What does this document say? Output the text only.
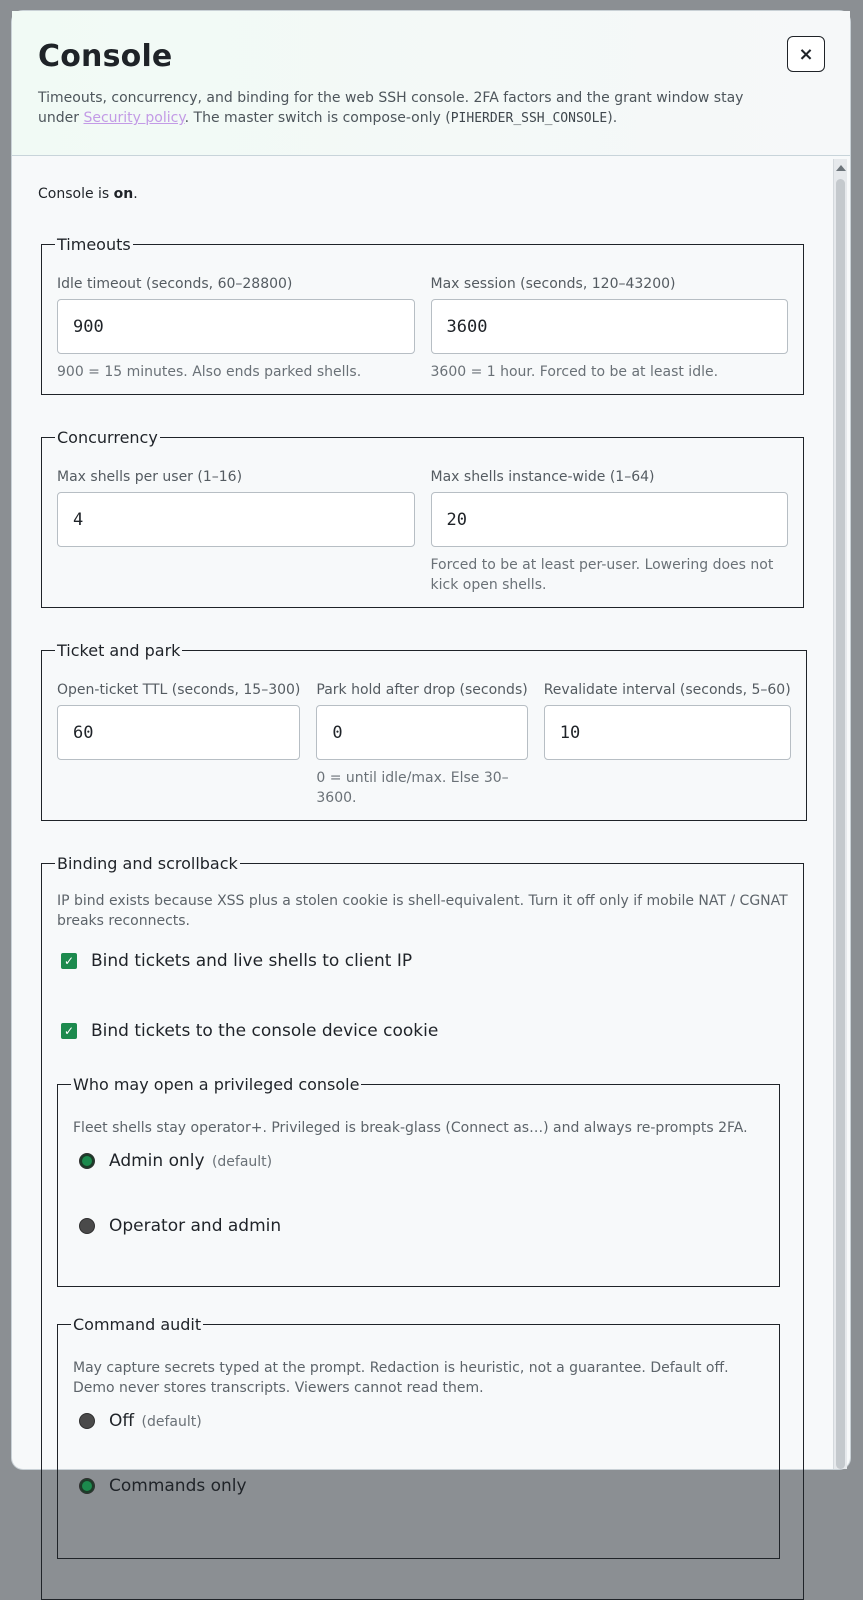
Console
Timeouts, concurrency, and binding for the web SSH console. 2FA factors and the grant window stay under Security policy. The master switch is compose-only (PIHERDER_SSH_CONSOLE).
×
Console is on.
Timeouts
Idle timeout (seconds, 60–28800)
900
900 = 15 minutes. Also ends parked shells.
Max session (seconds, 120–43200)
3600
3600 = 1 hour. Forced to be at least idle.
Concurrency
Max shells per user (1–16)
4
Max shells instance-wide (1–64)
20
Forced to be at least per-user. Lowering does not kick open shells.
Ticket and park
Open-ticket TTL (seconds, 15–300)
60
Park hold after drop (seconds)
0
0 = until idle/max. Else 30–3600.
Revalidate interval (seconds, 5–60)
10
Binding and scrollback
IP bind exists because XSS plus a stolen cookie is shell-equivalent. Turn it off only if mobile NAT / CGNAT breaks reconnects.
✓ Bind tickets and live shells to client IP
✓ Bind tickets to the console device cookie
Who may open a privileged console
Fleet shells stay operator+. Privileged is break-glass (Connect as…) and always re-prompts 2FA.
Admin only (default)
Operator and admin
Command audit
May capture secrets typed at the prompt. Redaction is heuristic, not a guarantee. Default off. Demo never stores transcripts. Viewers cannot read them.
Off (default)
Commands only
